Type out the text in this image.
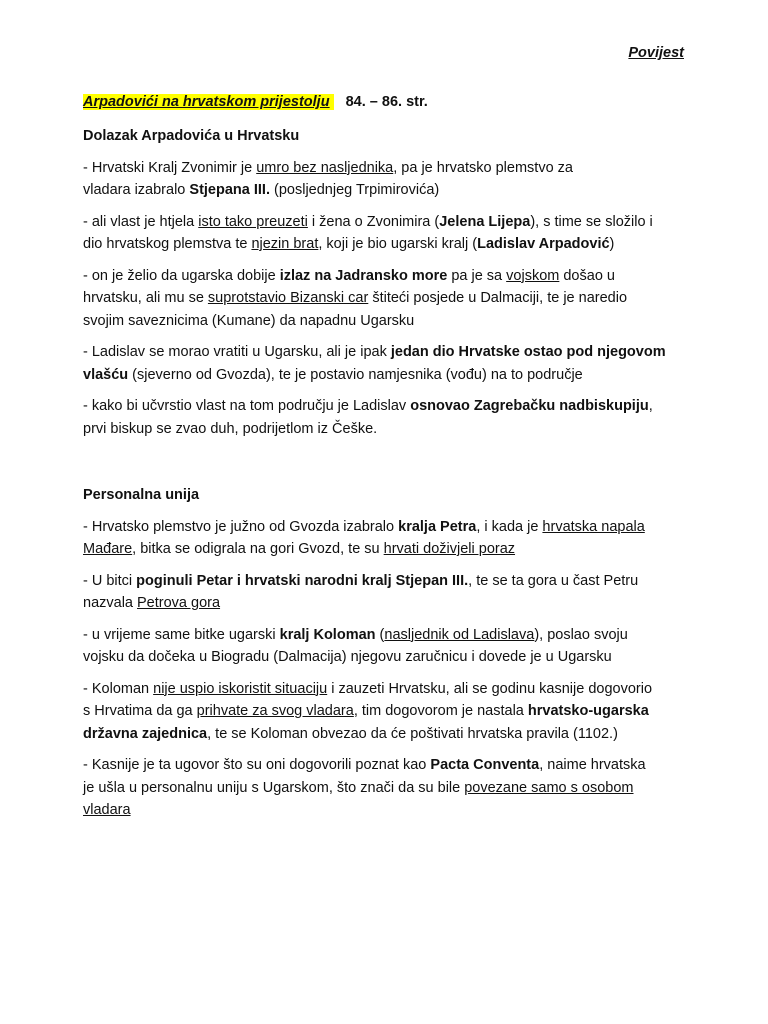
Povijest
Arpadovići na hrvatskom prijestolju 84. – 86. str.

Dolazak Arpadovića u Hrvatsku

- Hrvatski Kralj Zvonimir je umro bez nasljednika, pa je hrvatsko plemstvo za
vladara izabralo Stjepana III. (posljednjeg Trpimirovića)

- ali vlast je htjela isto tako preuzeti i žena o Zvonimira (Jelena Lijepa), s time se složilo i
dio hrvatskog plemstva te njezin brat, koji je bio ugarski kralj (Ladislav Arpadović)

- on je želio da ugarska dobije izlaz na Jadransko more pa je sa vojskom došao u
hrvatsku, ali mu se suprotstavio Bizanski car štiteći posjede u Dalmaciji, te je naredio
svojim saveznicima (Kumane) da napadnu Ugarsku

- Ladislav se morao vratiti u Ugarsku, ali je ipak jedan dio Hrvatske ostao pod njegovom
vlašću (sjeverno od Gvozda), te je postavio namjesnika (vođu) na to područje

- kako bi učvrstio vlast na tom području je Ladislav osnovao Zagrebačku nadbiskupiju,
prvi biskup se zvao duh, podrijetlom iz Češke.

Personalna unija

- Hrvatsko plemstvo je južno od Gvozda izabralo kralja Petra, i kada je hrvatska napala
Mađare, bitka se odigrala na gori Gvozd, te su hrvati doživjeli poraz

- U bitci poginuli Petar i hrvatski narodni kralj Stjepan III., te se ta gora u čast Petru
nazvala Petrova gora

- u vrijeme same bitke ugarski kralj Koloman (nasljednik od Ladislava), poslao svoju
vojsku da dočeka u Biogradu (Dalmacija) njegovu zaručnicu i dovede je u Ugarsku

- Koloman nije uspio iskoristit situaciju i zauzeti Hrvatsku, ali se godinu kasnije dogovorio
s Hrvatima da ga prihvate za svog vladara, tim dogovorom je nastala hrvatsko-ugarska
državna zajednica, te se Koloman obvezao da će poštivati hrvatska pravila (1102.)

- Kasnije je ta ugovor što su oni dogovorili poznat kao Pacta Conventa, naime hrvatska
je ušla u personalnu uniju s Ugarskom, što znači da su bile povezane samo s osobom
vladara
